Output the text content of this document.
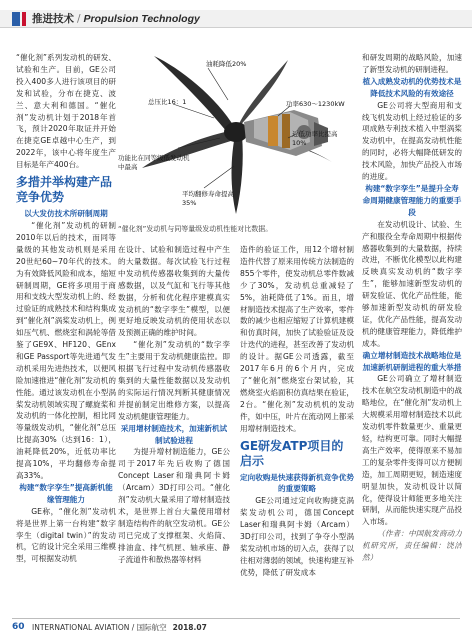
推进技术 / Propulsion Technology
油耗降低20%
总压比16：1	功率630～1230kW
近低功率比提高10%
功能比在同等级低发动机中最高
平均翻修寿命提高35%
“催化剂”发动机与同等量级发动机性能对比数据。

“催化剂”系列发动机的研发、试验和生产。目前，GE公司投入400多人进行该项目的研发和试验，分布在捷克、波兰、意大利和德国。“催化剂”发动机计划于2018年首飞，预计2020年取证并开始在捷克GE卓越中心生产，到2022年，该中心将年度生产目标是年产400台。

多措并举构建产品竞争优势

以大发仿技术所研制周期

“催化剂”发动机的研制2010年以后的技术，而同等量级的其他发动机则是采用20世纪60~70年代的技术。为有效降低风险和成本，缩短研制周期，GE将多项用于商用和支线大型发动机上的、经过验证的成熟技术和结构集成到“催化剂”涡桨发动机上，例如压气机、燃烧室和涡轮等借鉴了GE9X、HF120、GEnx和GE Passport等先进通气发动机采用先进热技术，以便风险加速推进“催化剂”发动机的性能。通过该发动机在小型涡桨发动机领域实现了螺旋桨和发动机的一体化控制，相比同等量级发动机，“催化剂”总压比提高30%（达到16：1），油耗降低20%，近低功率比提高10%，平均翻修寿命提高33%。

构建“数字孪生”提高新机能缘管理能力

GE称，“催化剂”发动机将是世界上第一台构建“数字孪生（digital twin）”的发动机，它的设计完全采用三维模型，可根据发动机

在设计、试验和制造过程中产生的大量数据。每次试验飞行过程中发动机传感器收集到的大量传感数据，以及气缸和飞行等其他数据，分析和优化程序建模真实发动机的“数字孪生”模型，以便更好地反映发动机的使用状态以及预测正确的维护时间。

“催化剂”发动机的“数字孪生”主要用于发动机健康监控。即根据飞行过程中发动机传感器收集到的大量性能数据以及发动机的实际运行情况判断其健康情况并提前制定出维修方案，以提高发动机健康管理能力。

采用增材制造技术，加速新机试制试验进程

为提升增材制造能力，GE公司于2017年先后收购了德国Concept Laser和瑞典阿卡姆（Arcam）3D打印公司。“催化剂”发动机大量采用了增材制造技术，是世界上首台大量使用增材制造结构件的航空发动机。GE公司已完成了支撑框架、火焰筒、排油盒、排气机匣、轴承座、静子流道件和散热器等材料

造件的验证工作，用12个增材制造件代替了原来用传统方法制造的855个零件，使发动机总零件数减少了30%，发动机总重减轻了5%，油耗降低了1%。而且，增材制造技术提高了生产效率，零件数的减少也相应缩短了计算机建模和仿真时间，加快了试验验证及设计迭代的进程，甚至改善了发动机的设计。据GE公司透露，截至2017年6月的6个月内，完成了“催化剂”燃烧室台架试验，其燃烧室火焰面积仿真结果在验证，2台。“催化剂”发动机机的发动件，如中压，叶片在流动网上都采用增材制造技术。

GE研发ATP项目的启示

定向收购是快速获得新机竞争优势的重要策略

GE公司通过定向收购捷克涡桨发动机公司，德国Concept Laser和瑞典阿卡姆（Arcam）3D打印公司，找到了争夺小型涡桨发动机市场的切入点，获得了以往相对薄弱的领域，快速构建互补优势，降低了研发成本

和研发周期的战略风险，加速了新型发动机的研制进程。

植入成熟发动机的优势技术是降低技术风险的有效途径

GE公司将大型商用和支线飞机发动机上经过验证的多项成熟专利技术植入中型涡桨发动机中，在提高发动机性能的同时，必将大幅降低研发的技术风险，加快产品投入市场的进度。

构建“数字孪生”是提升全寿命周期健康管理能力的重要手段

在发动机设计、试验、生产和服役全寿命周期中根据传感器收集到的大量数据，持续改进，不断优化模型以此构建反映真实发动机的“数字孪生”，能够加速新型发动机的研发验证、优化产品性能，能够加速新型发动机的研发验证，优化产品性能，提高发动机的健康管理能力，降低维护成本。

确立增材制造技术战略地位是加速新机研制进程的重大举措

GE公司确立了增材制造技术在航空发动机制造中的战略地位，在“催化剂”发动机上大规模采用增材制造技术以此发动机零件数量更少、重量更轻，结构更可靠。同时大幅提高生产效率，使得原来不易加工的复杂零件变得可以方便制造，加工周期更短，制造速度明显加快，发动机设计以简化，使得设计师能更多地关注研制，从而能快速实现产品投入市场。

（作者：中国航发商动力机研究所，责任编辑：饶洁然）

60 INTERNATIONAL AVIATION / 国际航空 2018.07
